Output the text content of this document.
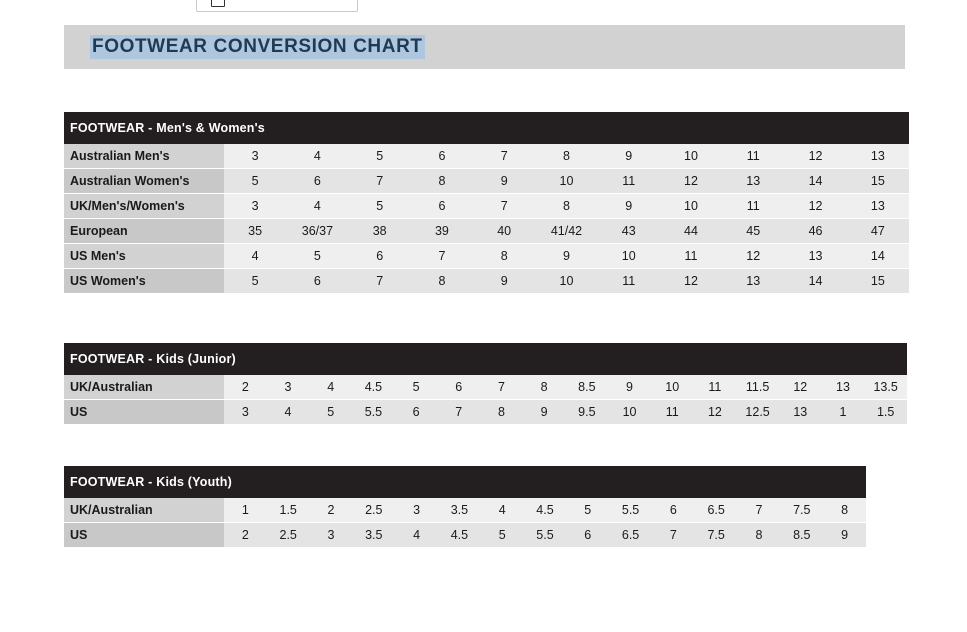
FOOTWEAR CONVERSION CHART
FOOTWEAR - Men's & Women's											
Australian Men's	3	4	5	6	7	8	9	10	11	12	13
Australian Women's	5	6	7	8	9	10	11	12	13	14	15
UK/Men's/Women's	3	4	5	6	7	8	9	10	11	12	13
European	35	36/37	38	39	40	41/42	43	44	45	46	47
US Men's	4	5	6	7	8	9	10	11	12	13	14
US Women's	5	6	7	8	9	10	11	12	13	14	15
FOOTWEAR - Kids (Junior)																
UK/Australian	2	3	4	4.5	5	6	7	8	8.5	9	10	11	11.5	12	13	13.5
US	3	4	5	5.5	6	7	8	9	9.5	10	11	12	12.5	13	1	1.5
FOOTWEAR - Kids (Youth)															
UK/Australian	1	1.5	2	2.5	3	3.5	4	4.5	5	5.5	6	6.5	7	7.5	8
US	2	2.5	3	3.5	4	4.5	5	5.5	6	6.5	7	7.5	8	8.5	9
